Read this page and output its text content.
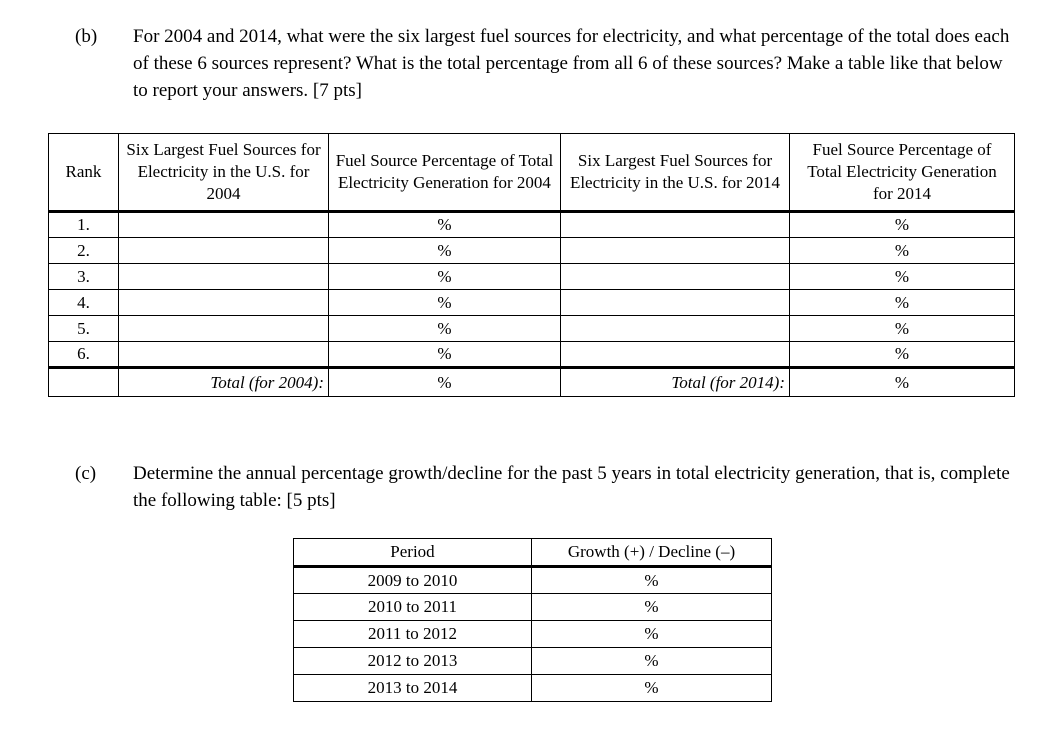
(b)	For 2004 and 2014, what were the six largest fuel sources for electricity, and what percentage of the total does each of these 6 sources represent? What is the total percentage from all 6 of these sources? Make a table like that below to report your answers. [7 pts]
Rank	Six Largest Fuel Sources for Electricity in the U.S. for 2004	Fuel Source Percentage of Total Electricity Generation for 2004	Six Largest Fuel Sources for Electricity in the U.S. for 2014	Fuel Source Percentage of Total Electricity Generation for 2014
1.		%		%
2.		%		%
3.		%		%
4.		%		%
5.		%		%
6.		%		%
	Total (for 2004):	%	Total (for 2014):	%
(c)	Determine the annual percentage growth/decline for the past 5 years in total electricity generation, that is, complete the following table: [5 pts]
Period	Growth (+) / Decline (–)
2009 to 2010	%
2010 to 2011	%
2011 to 2012	%
2012 to 2013	%
2013 to 2014	%
